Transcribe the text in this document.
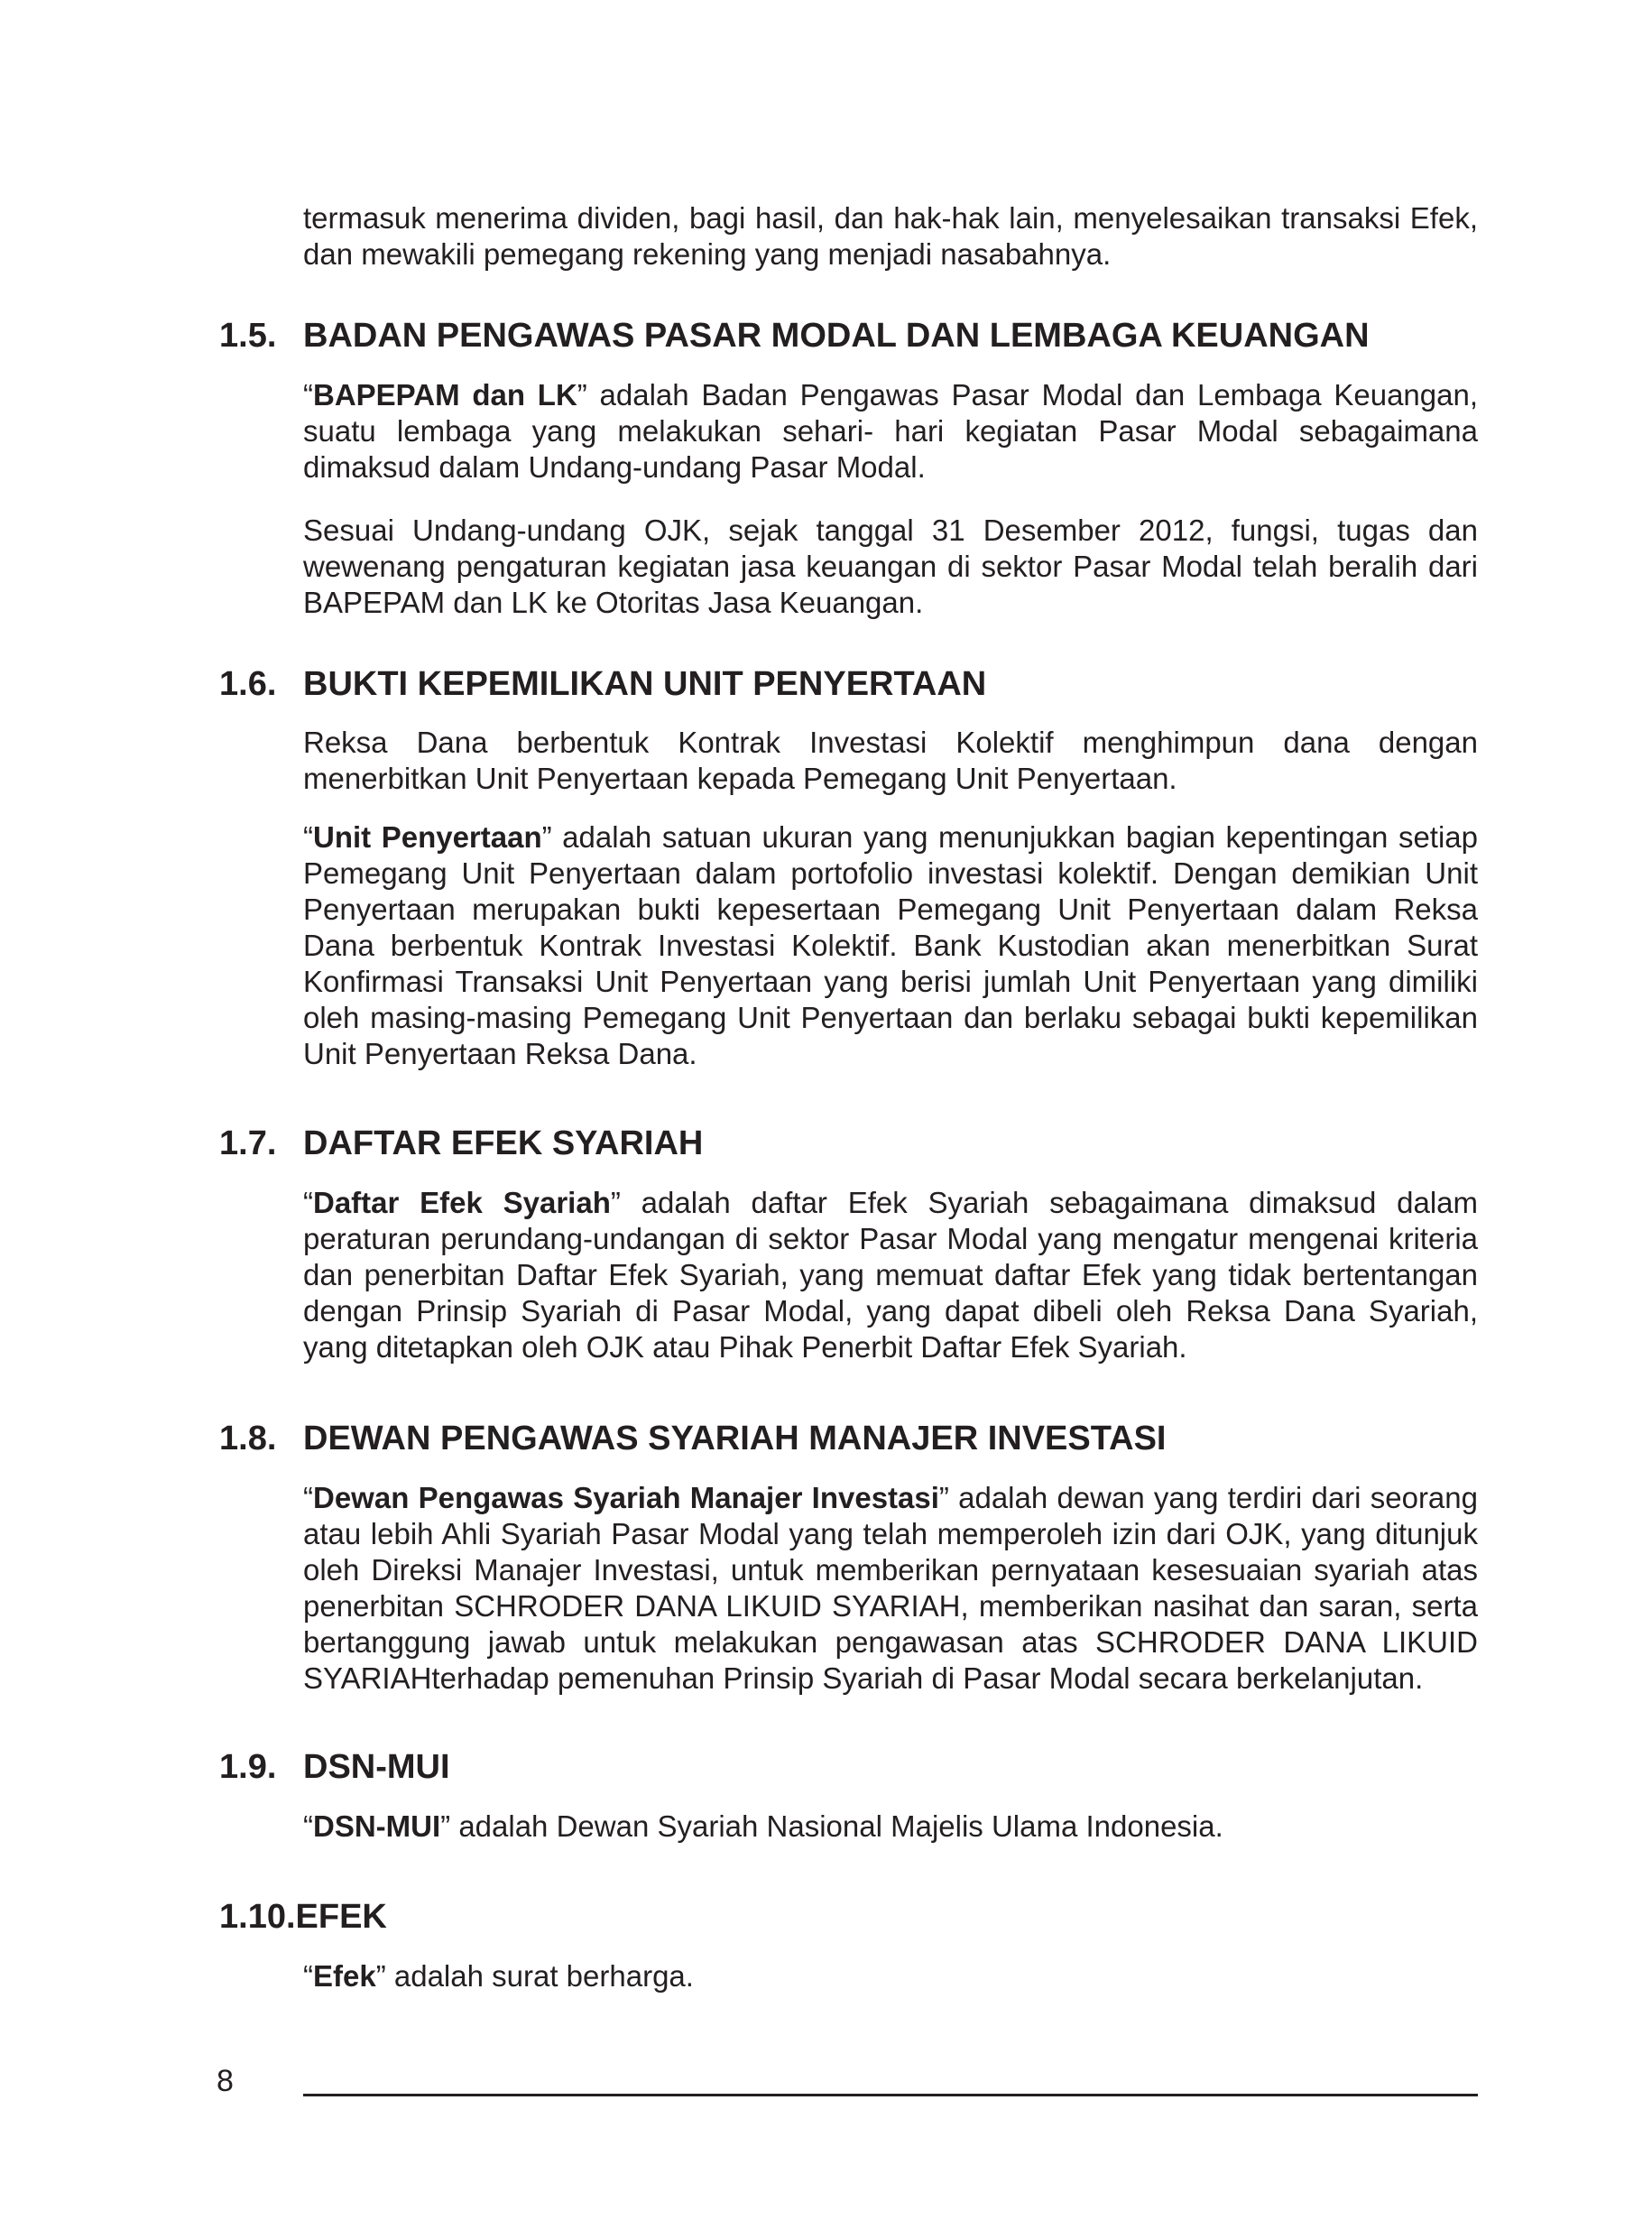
termasuk menerima dividen, bagi hasil, dan hak-hak lain, menyelesaikan transaksi Efek, dan mewakili pemegang rekening yang menjadi nasabahnya.

1.5. BADAN PENGAWAS PASAR MODAL DAN LEMBAGA KEUANGAN

“BAPEPAM dan LK” adalah Badan Pengawas Pasar Modal dan Lembaga Keuangan, suatu lembaga yang melakukan sehari- hari kegiatan Pasar Modal sebagaimana dimaksud dalam Undang-undang Pasar Modal.

Sesuai Undang-undang OJK, sejak tanggal 31 Desember 2012, fungsi, tugas dan wewenang pengaturan kegiatan jasa keuangan di sektor Pasar Modal telah beralih dari BAPEPAM dan LK ke Otoritas Jasa Keuangan.

1.6. BUKTI KEPEMILIKAN UNIT PENYERTAAN

Reksa Dana berbentuk Kontrak Investasi Kolektif menghimpun dana dengan menerbitkan Unit Penyertaan kepada Pemegang Unit Penyertaan.

“Unit Penyertaan” adalah satuan ukuran yang menunjukkan bagian kepentingan setiap Pemegang Unit Penyertaan dalam portofolio investasi kolektif. Dengan demikian Unit Penyertaan merupakan bukti kepesertaan Pemegang Unit Penyertaan dalam Reksa Dana berbentuk Kontrak Investasi Kolektif. Bank Kustodian akan menerbitkan Surat Konfirmasi Transaksi Unit Penyertaan yang berisi jumlah Unit Penyertaan yang dimiliki oleh masing-masing Pemegang Unit Penyertaan dan berlaku sebagai bukti kepemilikan Unit Penyertaan Reksa Dana.

1.7. DAFTAR EFEK SYARIAH

“Daftar Efek Syariah” adalah daftar Efek Syariah sebagaimana dimaksud dalam peraturan perundang-undangan di sektor Pasar Modal yang mengatur mengenai kriteria dan penerbitan Daftar Efek Syariah, yang memuat daftar Efek yang tidak bertentangan dengan Prinsip Syariah di Pasar Modal, yang dapat dibeli oleh Reksa Dana Syariah, yang ditetapkan oleh OJK atau Pihak Penerbit Daftar Efek Syariah.

1.8. DEWAN PENGAWAS SYARIAH MANAJER INVESTASI

“Dewan Pengawas Syariah Manajer Investasi” adalah dewan yang terdiri dari seorang atau lebih Ahli Syariah Pasar Modal yang telah memperoleh izin dari OJK, yang ditunjuk oleh Direksi Manajer Investasi, untuk memberikan pernyataan kesesuaian syariah atas penerbitan SCHRODER DANA LIKUID SYARIAH, memberikan nasihat dan saran, serta bertanggung jawab untuk melakukan pengawasan atas SCHRODER DANA LIKUID SYARIAHterhadap pemenuhan Prinsip Syariah di Pasar Modal secara berkelanjutan.

1.9. DSN-MUI

“DSN-MUI” adalah Dewan Syariah Nasional Majelis Ulama Indonesia.

1.10.EFEK

“Efek” adalah surat berharga.

8
